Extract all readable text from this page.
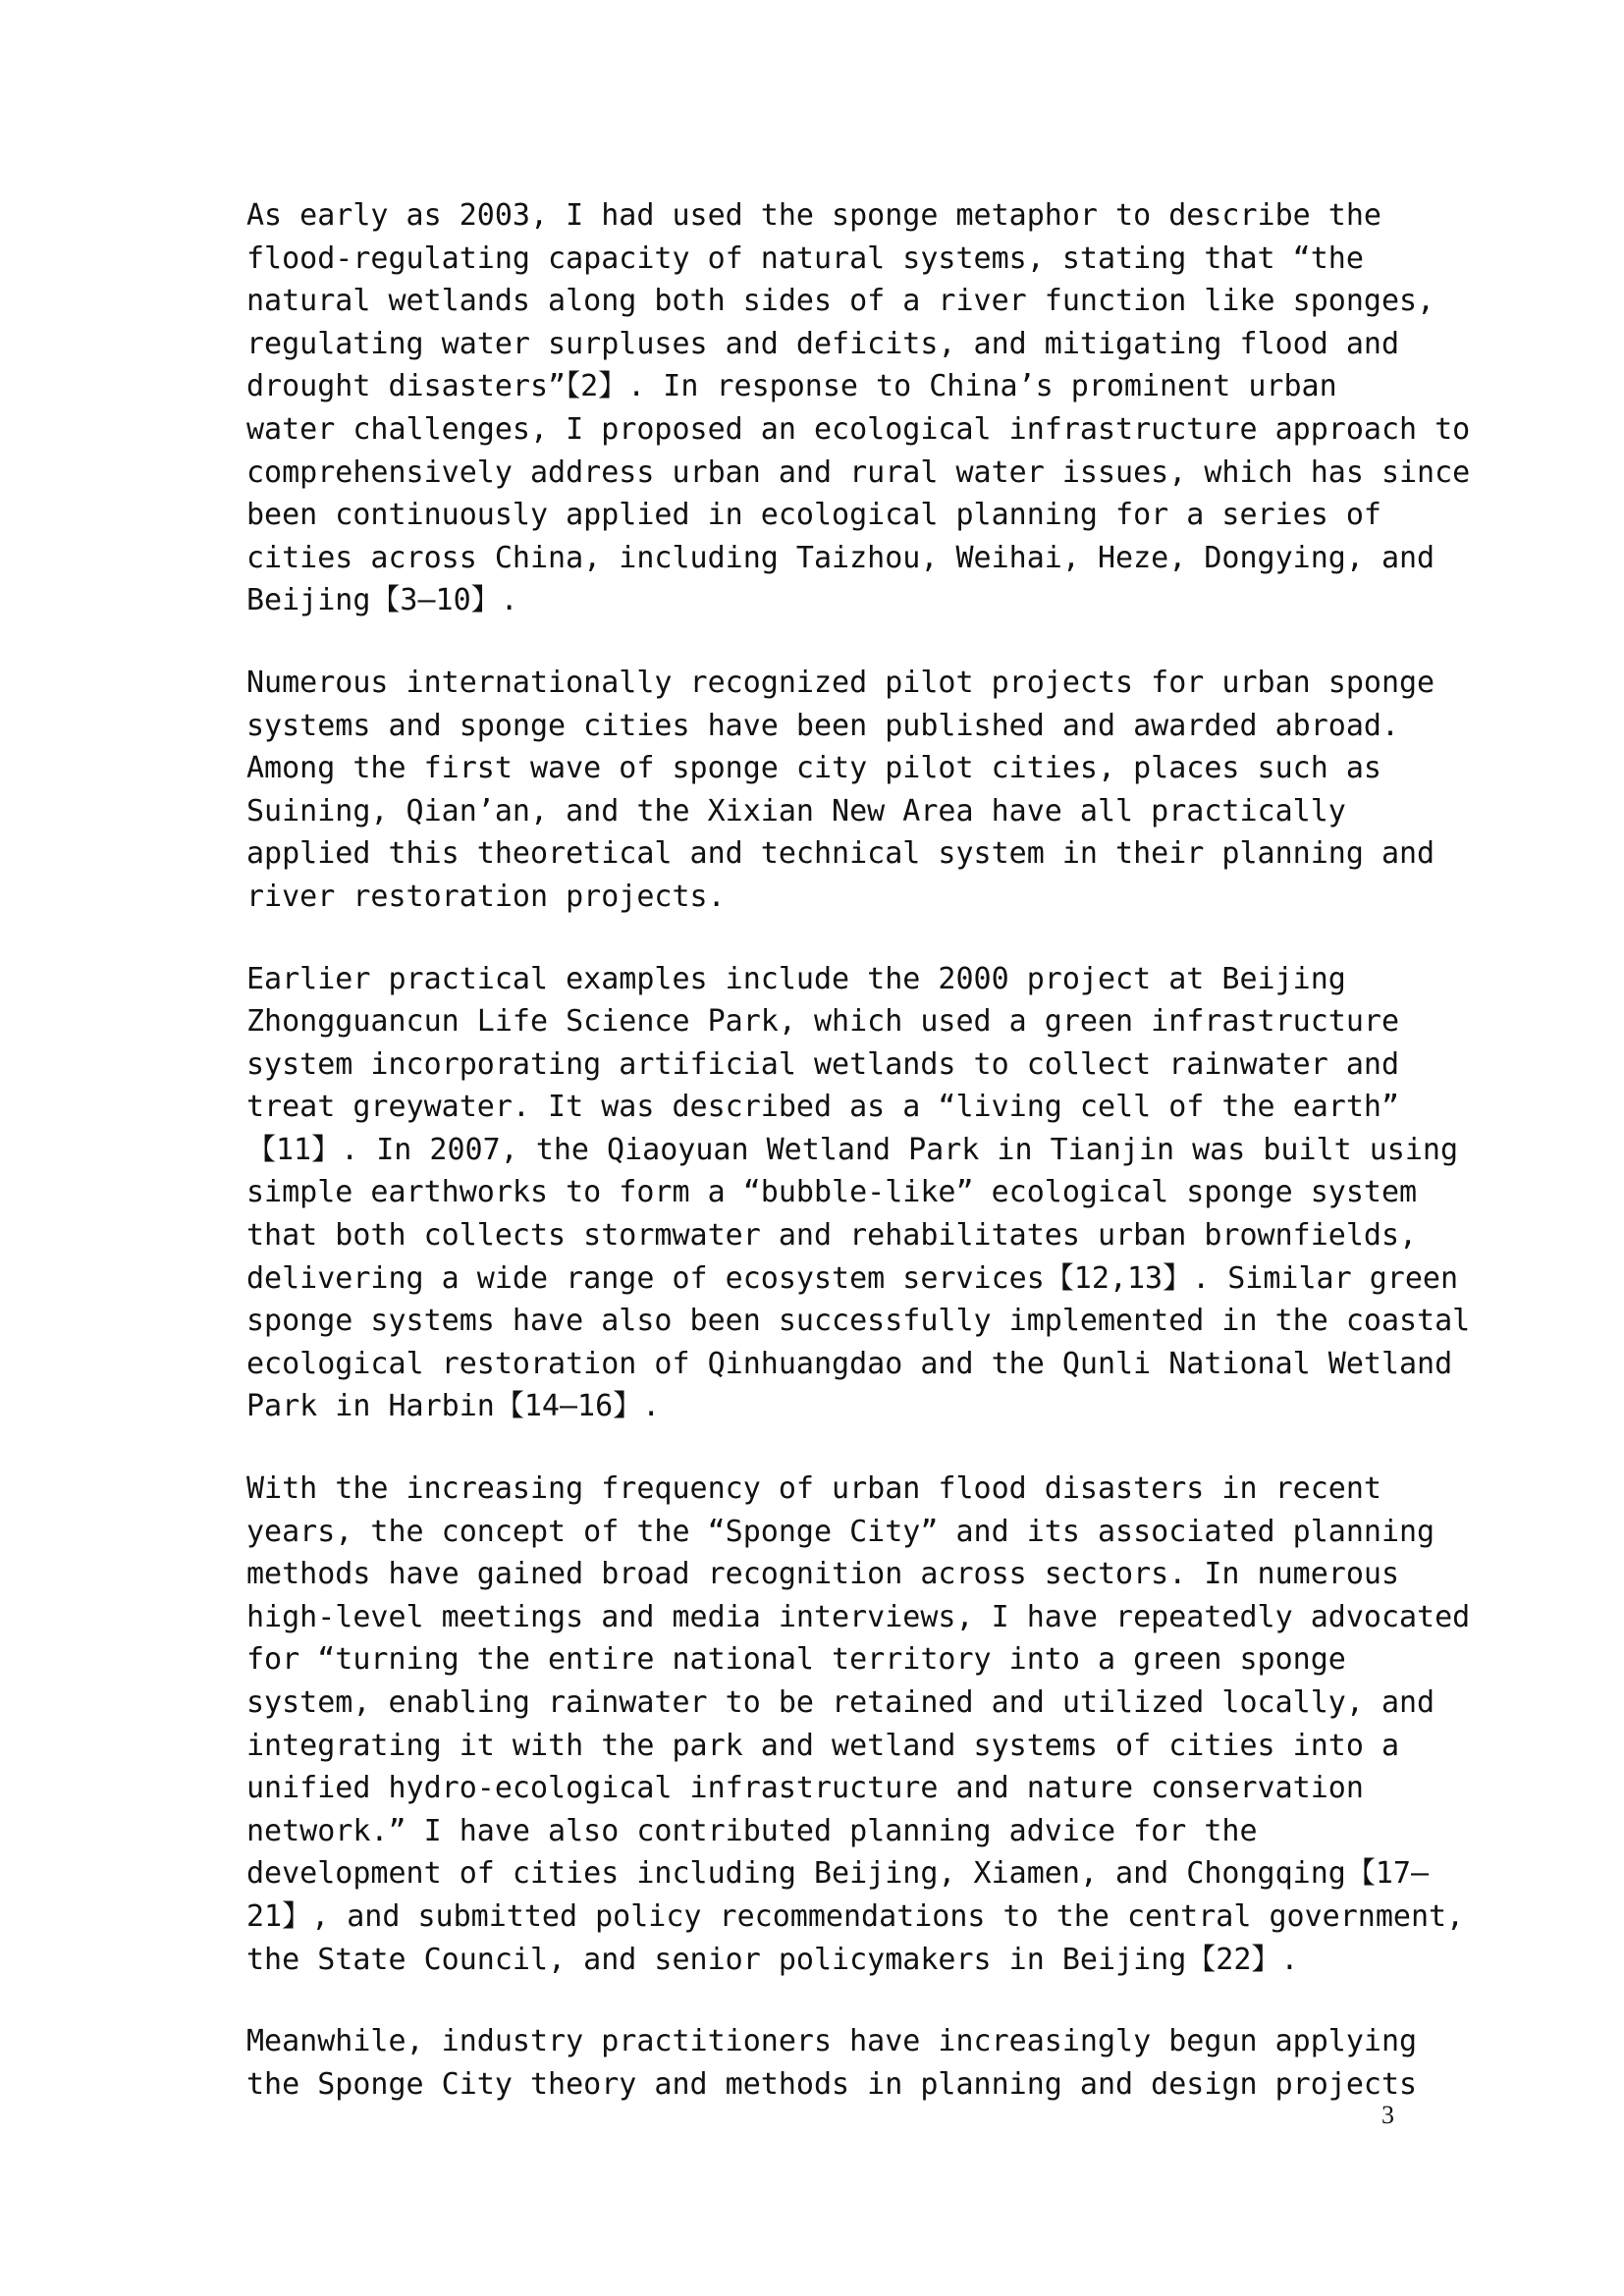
As early as 2003, I had used the sponge metaphor to describe the
flood-regulating capacity of natural systems, stating that “the
natural wetlands along both sides of a river function like sponges,
regulating water surpluses and deficits, and mitigating flood and
drought disasters”【2】. In response to China’s prominent urban
water challenges, I proposed an ecological infrastructure approach to
comprehensively address urban and rural water issues, which has since
been continuously applied in ecological planning for a series of
cities across China, including Taizhou, Weihai, Heze, Dongying, and
Beijing【3–10】.

Numerous internationally recognized pilot projects for urban sponge
systems and sponge cities have been published and awarded abroad.
Among the first wave of sponge city pilot cities, places such as
Suining, Qian’an, and the Xixian New Area have all practically
applied this theoretical and technical system in their planning and
river restoration projects.

Earlier practical examples include the 2000 project at Beijing
Zhongguancun Life Science Park, which used a green infrastructure
system incorporating artificial wetlands to collect rainwater and
treat greywater. It was described as a “living cell of the earth”
【11】. In 2007, the Qiaoyuan Wetland Park in Tianjin was built using
simple earthworks to form a “bubble-like” ecological sponge system
that both collects stormwater and rehabilitates urban brownfields,
delivering a wide range of ecosystem services【12,13】. Similar green
sponge systems have also been successfully implemented in the coastal
ecological restoration of Qinhuangdao and the Qunli National Wetland
Park in Harbin【14–16】.

With the increasing frequency of urban flood disasters in recent
years, the concept of the “Sponge City” and its associated planning
methods have gained broad recognition across sectors. In numerous
high-level meetings and media interviews, I have repeatedly advocated
for “turning the entire national territory into a green sponge
system, enabling rainwater to be retained and utilized locally, and
integrating it with the park and wetland systems of cities into a
unified hydro-ecological infrastructure and nature conservation
network.” I have also contributed planning advice for the
development of cities including Beijing, Xiamen, and Chongqing【17–
21】, and submitted policy recommendations to the central government,
the State Council, and senior policymakers in Beijing【22】.

Meanwhile, industry practitioners have increasingly begun applying
the Sponge City theory and methods in planning and design projects

3
